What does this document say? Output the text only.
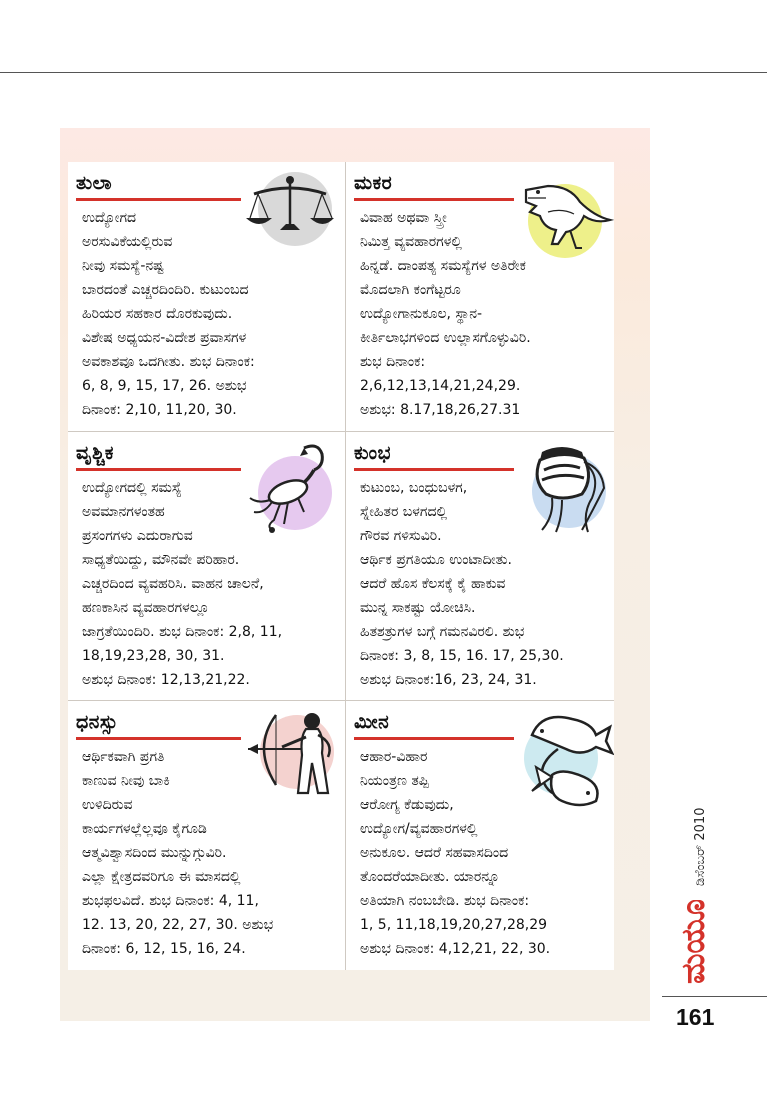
ತುಲಾ
ಉದ್ಯೋಗದ
ಅರಸುವಿಕೆಯಲ್ಲಿರುವ
ನೀವು ಸಮಸ್ಯೆ-ನಷ್ಟ
ಬಾರದಂತೆ ಎಚ್ಚರದಿಂದಿರಿ. ಕುಟುಂಬದ
ಹಿರಿಯರ ಸಹಕಾರ ದೊರಕುವುದು.
ವಿಶೇಷ ಅಧ್ಯಯನ-ವಿದೇಶ ಪ್ರವಾಸಗಳ
ಅವಕಾಶವೂ ಒದಗೀತು. ಶುಭ ದಿನಾಂಕ:
6, 8, 9, 15, 17, 26. ಅಶುಭ
ದಿನಾಂಕ: 2,10, 11,20, 30.
ಮಕರ
ವಿವಾಹ ಅಥವಾ ಸ್ತ್ರೀ
ನಿಮಿತ್ತ ವ್ಯವಹಾರಗಳಲ್ಲಿ
ಹಿನ್ನಡೆ. ದಾಂಪತ್ಯ ಸಮಸ್ಯೆಗಳ ಅತಿರೇಕ
ಮೊದಲಾಗಿ ಕಂಗೆಟ್ಟರೂ
ಉದ್ಯೋಗಾನುಕೂಲ, ಸ್ಥಾನ-
ಕೀರ್ತಿಲಾಭಗಳಿಂದ ಉಲ್ಲಾಸಗೊಳ್ಳುವಿರಿ.
ಶುಭ ದಿನಾಂಕ:
2,6,12,13,14,21,24,29.
ಅಶುಭ: 8.17,18,26,27.31
ವೃಶ್ಚಿಕ
ಉದ್ಯೋಗದಲ್ಲಿ ಸಮಸ್ಯೆ
ಅವಮಾನಗಳಂತಹ
ಪ್ರಸಂಗಗಳು ಎದುರಾಗುವ
ಸಾಧ್ಯತೆಯಿದ್ದು, ಮೌನವೇ ಪರಿಹಾರ.
ಎಚ್ಚರದಿಂದ ವ್ಯವಹರಿಸಿ. ವಾಹನ ಚಾಲನೆ,
ಹಣಕಾಸಿನ ವ್ಯವಹಾರಗಳಲ್ಲೂ
ಜಾಗ್ರತೆಯಿಂದಿರಿ. ಶುಭ ದಿನಾಂಕ: 2,8, 11,
18,19,23,28, 30, 31.
ಅಶುಭ ದಿನಾಂಕ: 12,13,21,22.
ಕುಂಭ
ಕುಟುಂಬ, ಬಂಧುಬಳಗ,
ಸ್ನೇಹಿತರ ಬಳಗದಲ್ಲಿ
ಗೌರವ ಗಳಿಸುವಿರಿ.
ಆರ್ಥಿಕ ಪ್ರಗತಿಯೂ ಉಂಟಾದೀತು.
ಆದರೆ ಹೊಸ ಕೆಲಸಕ್ಕೆ ಕೈ ಹಾಕುವ
ಮುನ್ನ ಸಾಕಷ್ಟು ಯೋಚಿಸಿ.
ಹಿತಶತ್ರುಗಳ ಬಗ್ಗೆ ಗಮನವಿರಲಿ. ಶುಭ
ದಿನಾಂಕ: 3, 8, 15, 16. 17, 25,30.
ಅಶುಭ ದಿನಾಂಕ:16, 23, 24, 31.
ಧನಸ್ಸು
ಆರ್ಥಿಕವಾಗಿ ಪ್ರಗತಿ
ಕಾಣುವ ನೀವು ಬಾಕಿ
ಉಳಿದಿರುವ
ಕಾರ್ಯಗಳಲ್ಲೆಲ್ಲವೂ ಕೈಗೂಡಿ
ಆತ್ಮವಿಶ್ವಾಸದಿಂದ ಮುನ್ನುಗ್ಗುವಿರಿ.
ಎಲ್ಲಾ ಕ್ಷೇತ್ರದವರಿಗೂ ಈ ಮಾಸದಲ್ಲಿ
ಶುಭಫಲವಿದೆ. ಶುಭ ದಿನಾಂಕ: 4, 11,
12. 13, 20, 22, 27, 30. ಅಶುಭ
ದಿನಾಂಕ: 6, 12, 15, 16, 24.
ಮೀನ
ಆಹಾರ-ವಿಹಾರ
ನಿಯಂತ್ರಣ ತಪ್ಪಿ
ಆರೋಗ್ಯ ಕೆಡುವುದು,
ಉದ್ಯೋಗ/ವ್ಯವಹಾರಗಳಲ್ಲಿ
ಅನುಕೂಲ. ಆದರೆ ಸಹವಾಸದಿಂದ
ತೊಂದರೆಯಾದೀತು. ಯಾರನ್ನೂ
ಅತಿಯಾಗಿ ನಂಬಬೇಡಿ. ಶುಭ ದಿನಾಂಕ:
1, 5, 11,18,19,20,27,28,29
ಅಶುಭ ದಿನಾಂಕ: 4,12,21, 22, 30.
ಡಿಸೆಂಬರ್ 2010
ಮಯೂರ
161
